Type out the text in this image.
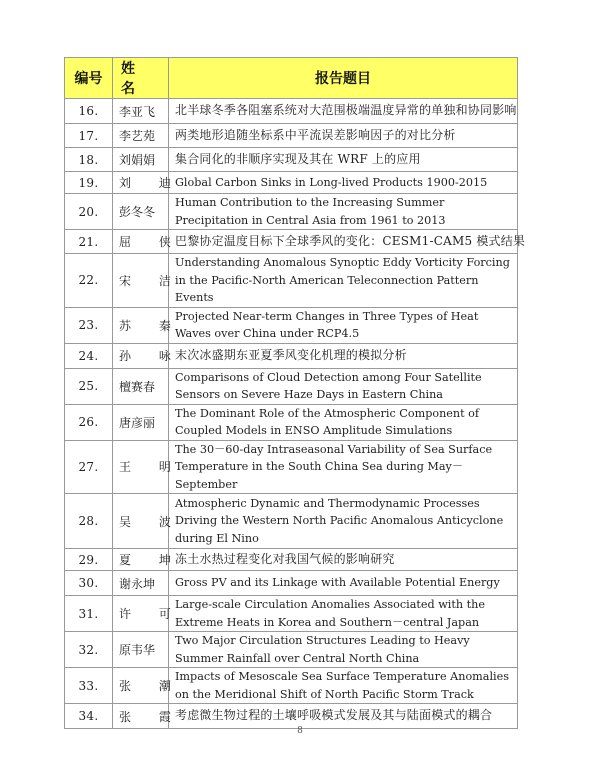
编号	姓 名	报告题目
16.	李亚飞	北半球冬季各阻塞系统对大范围极端温度异常的单独和协同影响
17.	李艺苑	两类地形追随坐标系中平流误差影响因子的对比分析
18.	刘娟娟	集合同化的非顺序实现及其在 WRF 上的应用
19.	刘 迪	Global Carbon Sinks in Long-lived Products 1900-2015
20.	彭冬冬	Human Contribution to the Increasing Summer Precipitation in Central Asia from 1961 to 2013
21.	屈 侠	巴黎协定温度目标下全球季风的变化：CESM1-CAM5 模式结果
22.	宋 洁	Understanding Anomalous Synoptic Eddy Vorticity Forcing in the Pacific-North American Teleconnection Pattern Events
23.	苏 秦	Projected Near-term Changes in Three Types of Heat Waves over China under RCP4.5
24.	孙 咏	末次冰盛期东亚夏季风变化机理的模拟分析
25.	檀赛春	Comparisons of Cloud Detection among Four Satellite Sensors on Severe Haze Days in Eastern China
26.	唐彦丽	The Dominant Role of the Atmospheric Component of Coupled Models in ENSO Amplitude Simulations
27.	王 明	The 30－60-day Intraseasonal Variability of Sea Surface Temperature in the South China Sea during May－September
28.	吴 波	Atmospheric Dynamic and Thermodynamic Processes Driving the Western North Pacific Anomalous Anticyclone during El Nino
29.	夏 坤	冻土水热过程变化对我国气候的影响研究
30.	谢永坤	Gross PV and its Linkage with Available Potential Energy
31.	许 可	Large-scale Circulation Anomalies Associated with the Extreme Heats in Korea and Southern－central Japan
32.	原韦华	Two Major Circulation Structures Leading to Heavy Summer Rainfall over Central North China
33.	张 潮	Impacts of Mesoscale Sea Surface Temperature Anomalies on the Meridional Shift of North Pacific Storm Track
34.	张 霞	考虑微生物过程的土壤呼吸模式发展及其与陆面模式的耦合
8
